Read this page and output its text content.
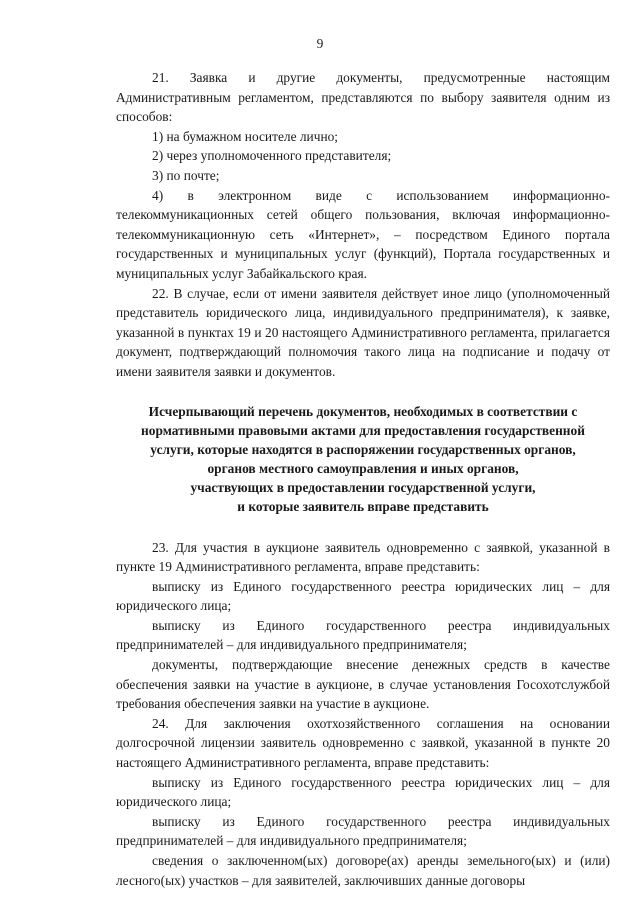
9

21. Заявка и другие документы, предусмотренные настоящим Административным регламентом, представляются по выбору заявителя одним из способов:

1) на бумажном носителе лично;

2) через уполномоченного представителя;

3) по почте;

4) в электронном виде с использованием информационно-телекоммуникационных сетей общего пользования, включая информационно-телекоммуникационную сеть «Интернет», – посредством Единого портала государственных и муниципальных услуг (функций), Портала государственных и муниципальных услуг Забайкальского края.

22. В случае, если от имени заявителя действует иное лицо (уполномоченный представитель юридического лица, индивидуального предпринимателя), к заявке, указанной в пунктах 19 и 20 настоящего Административного регламента, прилагается документ, подтверждающий полномочия такого лица на подписание и подачу от имени заявителя заявки и документов.

Исчерпывающий перечень документов, необходимых в соответствии с
нормативными правовыми актами для предоставления государственной
услуги, которые находятся в распоряжении государственных органов,
органов местного самоуправления и иных органов,
участвующих в предоставлении государственной услуги,
и которые заявитель вправе представить

23. Для участия в аукционе заявитель одновременно с заявкой, указанной в пункте 19 Административного регламента, вправе представить:

выписку из Единого государственного реестра юридических лиц – для юридического лица;

выписку из Единого государственного реестра индивидуальных предпринимателей – для индивидуального предпринимателя;

документы, подтверждающие внесение денежных средств в качестве обеспечения заявки на участие в аукционе, в случае установления Госохотслужбой требования обеспечения заявки на участие в аукционе.

24. Для заключения охотхозяйственного соглашения на основании долгосрочной лицензии заявитель одновременно с заявкой, указанной в пункте 20 настоящего Административного регламента, вправе представить:

выписку из Единого государственного реестра юридических лиц – для юридического лица;

выписку из Единого государственного реестра индивидуальных предпринимателей – для индивидуального предпринимателя;

сведения о заключенном(ых) договоре(ах) аренды земельного(ых) и (или) лесного(ых) участков – для заявителей, заключивших данные договоры
